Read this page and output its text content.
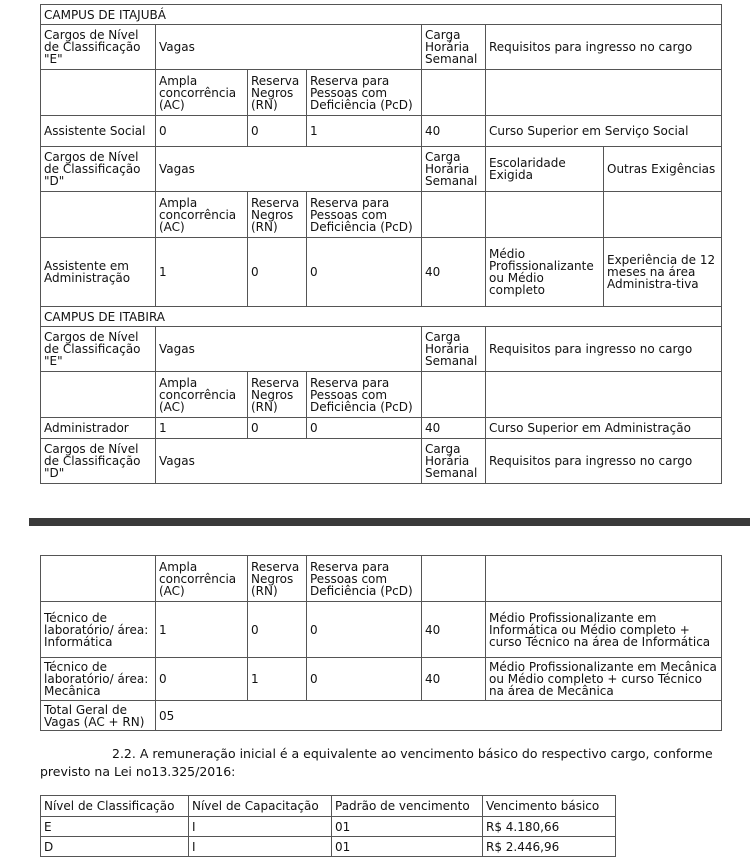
CAMPUS DE ITAJUBÁ						
Cargos de Nível de Classificação "E"	Vagas			Carga Horária Semanal	Requisitos para ingresso no cargo	
	Ampla concorrência (AC)	Reserva Negros (RN)	Reserva para Pessoas com Deficiência (PcD)			
Assistente Social	0	0	1	40	Curso Superior em Serviço Social	
Cargos de Nível de Classificação "D"	Vagas			Carga Horária Semanal	Escolaridade Exigida	Outras Exigências
	Ampla concorrência (AC)	Reserva Negros (RN)	Reserva para Pessoas com Deficiência (PcD)			
Assistente em Administração	1	0	0	40	Médio Profissionalizante ou Médio completo	Experiência de 12 meses na área Administra-tiva
CAMPUS DE ITABIRA						
Cargos de Nível de Classificação "E"	Vagas			Carga Horária Semanal	Requisitos para ingresso no cargo	
	Ampla concorrência (AC)	Reserva Negros (RN)	Reserva para Pessoas com Deficiência (PcD)			
Administrador	1	0	0	40	Curso Superior em Administração	
Cargos de Nível de Classificação "D"	Vagas			Carga Horária Semanal	Requisitos para ingresso no cargo	
	Ampla concorrência (AC)	Reserva Negros (RN)	Reserva para Pessoas com Deficiência (PcD)		
Técnico de laboratório/ área: Informática	1	0	0	40	Médio Profissionalizante em Informática ou Médio completo + curso Técnico na área de Informática
Técnico de laboratório/ área: Mecânica	0	1	0	40	Médio Profissionalizante em Mecânica ou Médio completo + curso Técnico na área de Mecânica
Total Geral de Vagas (AC + RN)	05				
2.2. A remuneração inicial é a equivalente ao vencimento básico do respectivo cargo, conforme
previsto na Lei no13.325/2016:
Nível de Classificação	Nível de Capacitação	Padrão de vencimento	Vencimento básico
E	I	01	R$ 4.180,66
D	I	01	R$ 2.446,96
